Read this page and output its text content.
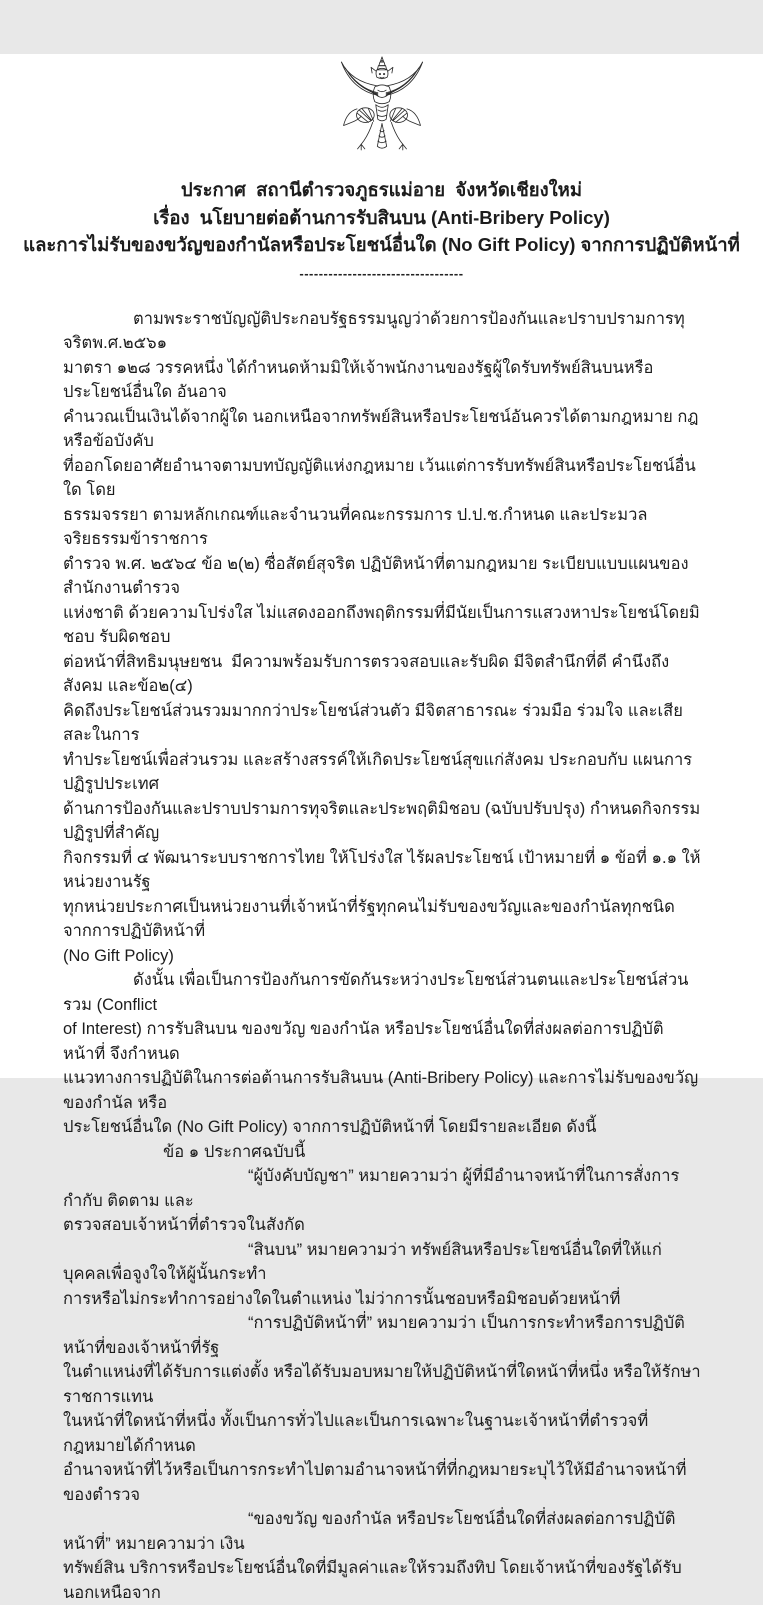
ประกาศ  สถานีตำรวจภูธรแม่อาย  จังหวัดเชียงใหม่
เรื่อง  นโยบายต่อต้านการรับสินบน (Anti-Bribery Policy)
และการไม่รับของขวัญของกำนัลหรือประโยชน์อื่นใด (No Gift Policy) จากการปฏิบัติหน้าที่
----------------------------------
ตามพระราชบัญญัติประกอบรัฐธรรมนูญว่าด้วยการป้องกันและปราบปรามการทุจริตพ.ศ.๒๕๖๑
มาตรา ๑๒๘ วรรคหนึ่ง ได้กำหนดห้ามมิให้เจ้าพนักงานของรัฐผู้ใดรับทรัพย์สินบนหรือประโยชน์อื่นใด อันอาจ
คำนวณเป็นเงินได้จากผู้ใด นอกเหนือจากทรัพย์สินหรือประโยชน์อันควรได้ตามกฎหมาย กฎ หรือข้อบังคับ
ที่ออกโดยอาศัยอำนาจตามบทบัญญัติแห่งกฎหมาย เว้นแต่การรับทรัพย์สินหรือประโยชน์อื่นใด โดย
ธรรมจรรยา ตามหลักเกณฑ์และจำนวนที่คณะกรรมการ ป.ป.ช.กำหนด และประมวลจริยธรรมข้าราชการ
ตำรวจ พ.ศ. ๒๕๖๔ ข้อ ๒(๒) ซื่อสัตย์สุจริต ปฏิบัติหน้าที่ตามกฎหมาย ระเบียบแบบแผนของสำนักงานตำรวจ
แห่งชาติ ด้วยความโปร่งใส ไม่แสดงออกถึงพฤติกรรมที่มีนัยเป็นการแสวงหาประโยชน์โดยมิชอบ รับผิดชอบ
ต่อหน้าที่สิทธิมนุษยชน  มีความพร้อมรับการตรวจสอบและรับผิด มีจิตสำนึกที่ดี คำนึงถึงสังคม และข้อ๒(๔)
คิดถึงประโยชน์ส่วนรวมมากกว่าประโยชน์ส่วนตัว มีจิตสาธารณะ ร่วมมือ ร่วมใจ และเสียสละในการ
ทำประโยชน์เพื่อส่วนรวม และสร้างสรรค์ให้เกิดประโยชน์สุขแก่สังคม ประกอบกับ แผนการปฏิรูปประเทศ
ด้านการป้องกันและปราบปรามการทุจริตและประพฤติมิชอบ (ฉบับปรับปรุง) กำหนดกิจกรรมปฏิรูปที่สำคัญ
กิจกรรมที่ ๔ พัฒนาระบบราชการไทย ให้โปร่งใส ไร้ผลประโยชน์ เป้าหมายที่ ๑ ข้อที่ ๑.๑ ให้หน่วยงานรัฐ
ทุกหน่วยประกาศเป็นหน่วยงานที่เจ้าหน้าที่รัฐทุกคนไม่รับของขวัญและของกำนัลทุกชนิดจากการปฏิบัติหน้าที่
(No Gift Policy)
ดังนั้น เพื่อเป็นการป้องกันการขัดกันระหว่างประโยชน์ส่วนตนและประโยชน์ส่วนรวม (Conflict
of Interest) การรับสินบน ของขวัญ ของกำนัล หรือประโยชน์อื่นใดที่ส่งผลต่อการปฏิบัติหน้าที่ จึงกำหนด
แนวทางการปฏิบัติในการต่อต้านการรับสินบน (Anti-Bribery Policy) และการไม่รับของขวัญ ของกำนัล หรือ
ประโยชน์อื่นใด (No Gift Policy) จากการปฏิบัติหน้าที่ โดยมีรายละเอียด ดังนี้
ข้อ ๑ ประกาศฉบับนี้
“ผู้บังคับบัญชา” หมายความว่า ผู้ที่มีอำนาจหน้าที่ในการสั่งการ กำกับ ติดตาม และ
ตรวจสอบเจ้าหน้าที่ตำรวจในสังกัด
“สินบน” หมายความว่า ทรัพย์สินหรือประโยชน์อื่นใดที่ให้แก่บุคคลเพื่อจูงใจให้ผู้นั้นกระทำ
การหรือไม่กระทำการอย่างใดในตำแหน่ง ไม่ว่าการนั้นชอบหรือมิชอบด้วยหน้าที่
“การปฏิบัติหน้าที่” หมายความว่า เป็นการกระทำหรือการปฏิบัติหน้าที่ของเจ้าหน้าที่รัฐ
ในตำแหน่งที่ได้รับการแต่งตั้ง หรือได้รับมอบหมายให้ปฏิบัติหน้าที่ใดหน้าที่หนึ่ง หรือให้รักษาราชการแทน
ในหน้าที่ใดหน้าที่หนึ่ง ทั้งเป็นการทั่วไปและเป็นการเฉพาะในฐานะเจ้าหน้าที่ตำรวจที่กฎหมายได้กำหนด
อำนาจหน้าที่ไว้หรือเป็นการกระทำไปตามอำนาจหน้าที่ที่กฎหมายระบุไว้ให้มีอำนาจหน้าที่ของตำรวจ
“ของขวัญ ของกำนัล หรือประโยชน์อื่นใดที่ส่งผลต่อการปฏิบัติหน้าที่” หมายความว่า เงิน
ทรัพย์สิน บริการหรือประโยชน์อื่นใดที่มีมูลค่าและให้รวมถึงทิป โดยเจ้าหน้าที่ของรัฐได้รับนอกเหนือจาก
